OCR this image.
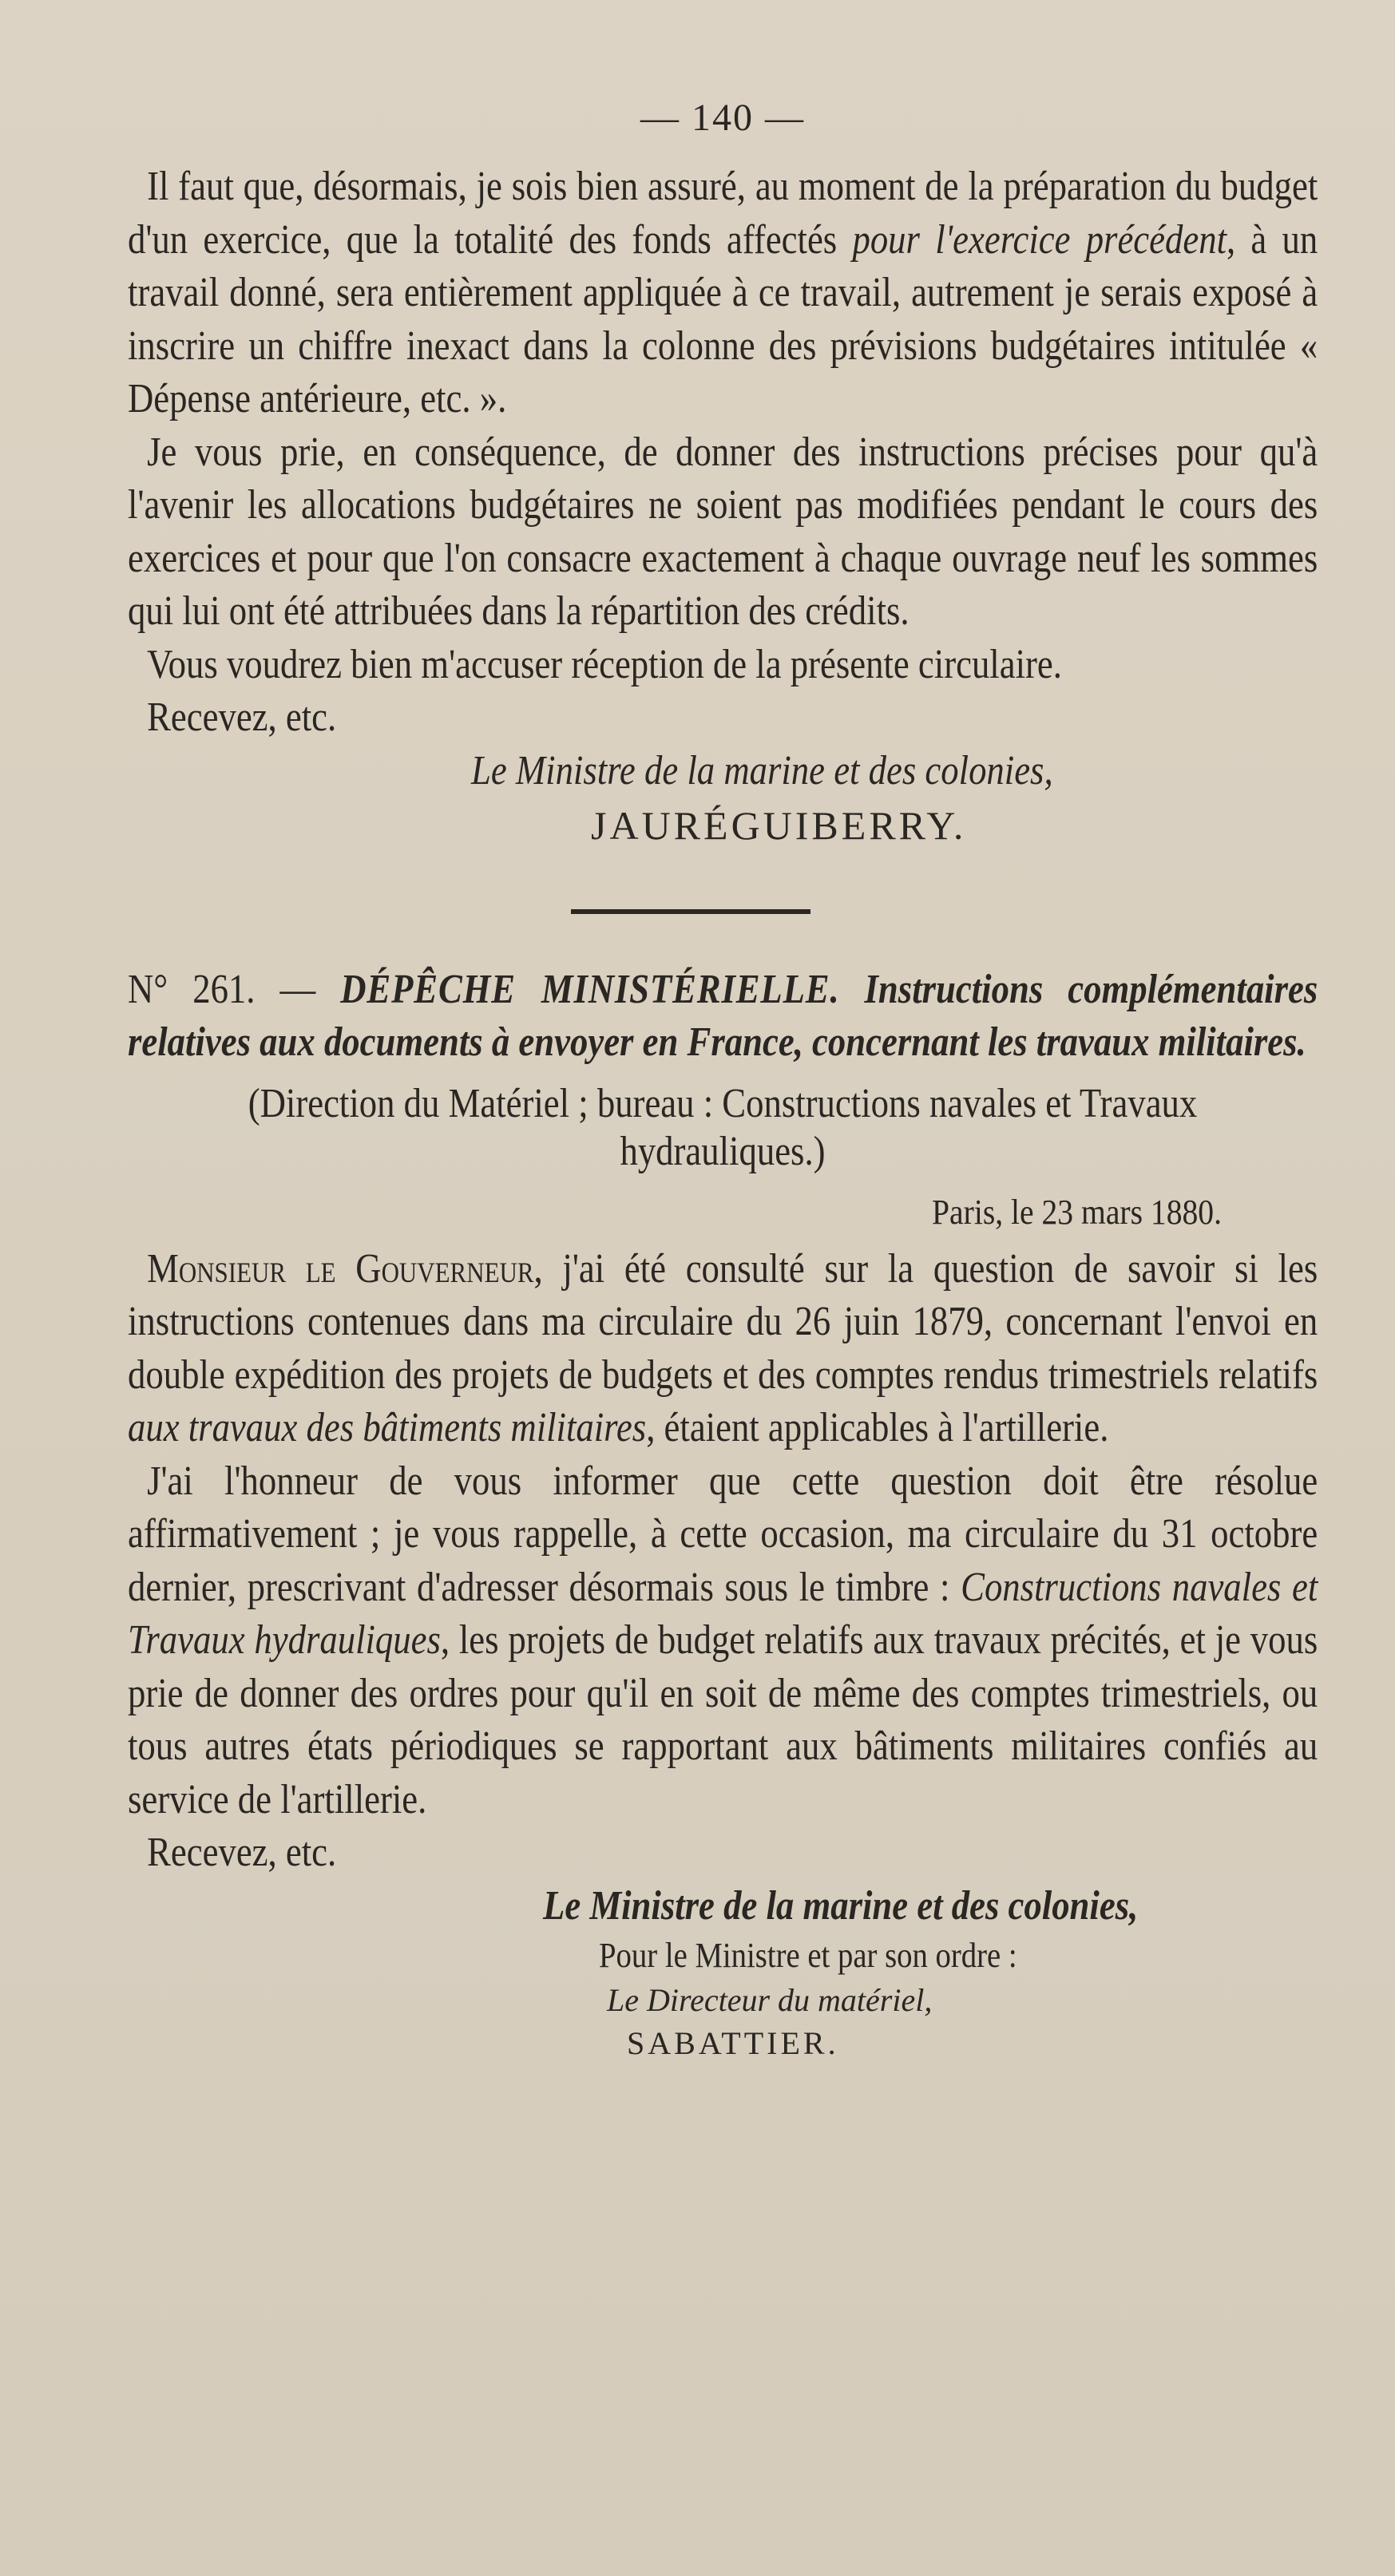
— 140 —

Il faut que, désormais, je sois bien assuré, au moment de la préparation du budget d'un exercice, que la totalité des fonds affectés pour l'exercice précédent, à un travail donné, sera entièrement appliquée à ce travail, autrement je serais exposé à inscrire un chiffre inexact dans la colonne des prévisions budgétaires intitulée « Dépense antérieure, etc. ».

Je vous prie, en conséquence, de donner des instructions précises pour qu'à l'avenir les allocations budgétaires ne soient pas modifiées pendant le cours des exercices et pour que l'on consacre exactement à chaque ouvrage neuf les sommes qui lui ont été attribuées dans la répartition des crédits.

Vous voudrez bien m'accuser réception de la présente circulaire.

Recevez, etc.

Le Ministre de la marine et des colonies,
JAURÉGUIBERRY.

N° 261. — DÉPÊCHE MINISTÉRIELLE. Instructions complémentaires relatives aux documents à envoyer en France, concernant les travaux militaires.

(Direction du Matériel ; bureau : Constructions navales et Travaux hydrauliques.)
Paris, le 23 mars 1880.

Monsieur le Gouverneur, j'ai été consulté sur la question de savoir si les instructions contenues dans ma circulaire du 26 juin 1879, concernant l'envoi en double expédition des projets de budgets et des comptes rendus trimestriels relatifs aux travaux des bâtiments militaires, étaient applicables à l'artillerie.

J'ai l'honneur de vous informer que cette question doit être résolue affirmativement ; je vous rappelle, à cette occasion, ma circulaire du 31 octobre dernier, prescrivant d'adresser désormais sous le timbre : Constructions navales et Travaux hydrauliques, les projets de budget relatifs aux travaux précités, et je vous prie de donner des ordres pour qu'il en soit de même des comptes trimestriels, ou tous autres états périodiques se rapportant aux bâtiments militaires confiés au service de l'artillerie.

Recevez, etc.

Le Ministre de la marine et des colonies,
Pour le Ministre et par son ordre :
Le Directeur du matériel,
SABATTIER.
